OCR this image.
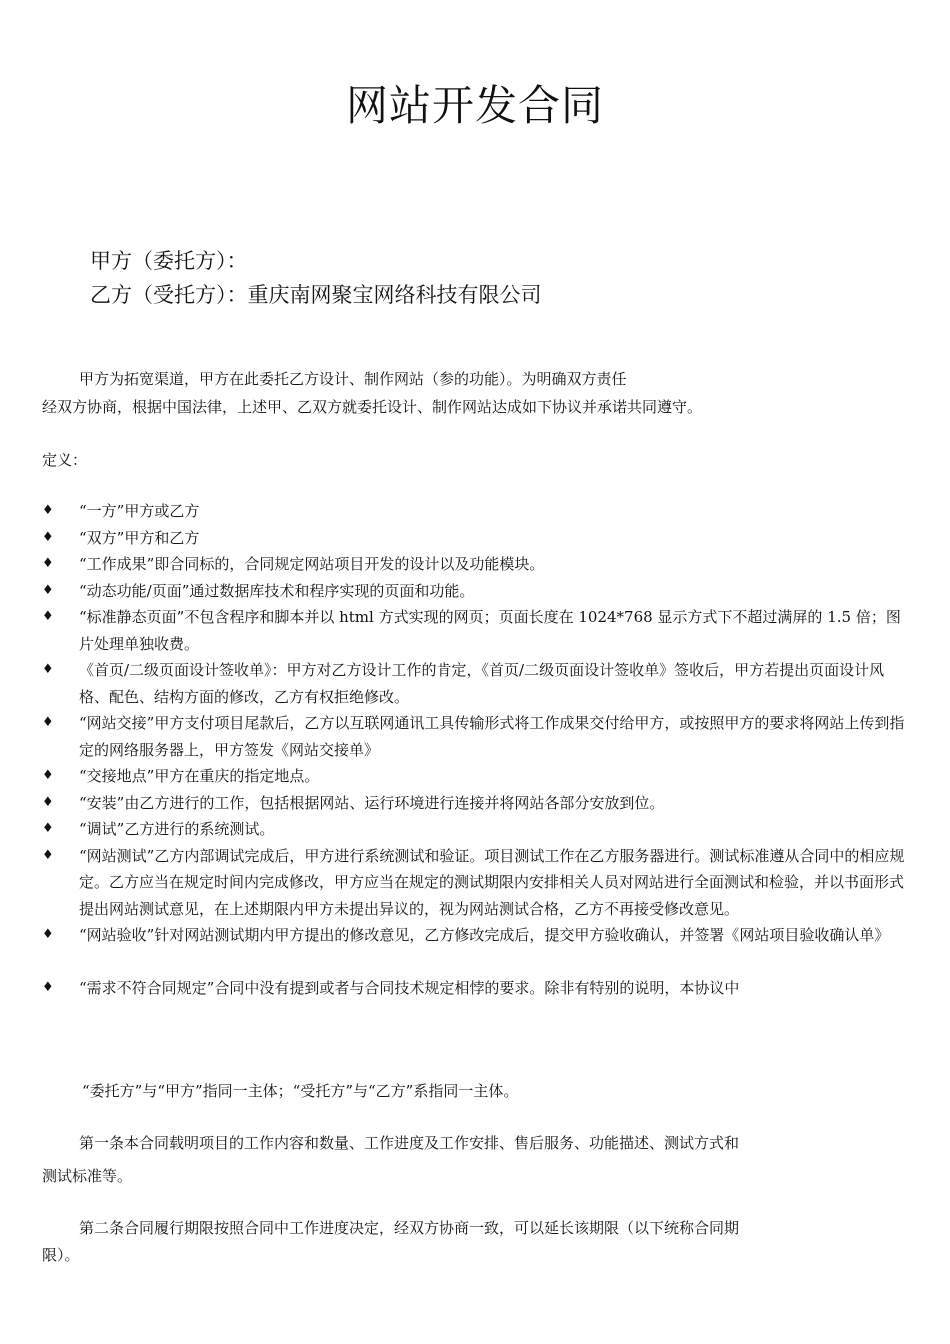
网站开发合同
甲方（委托方）：
乙方（受托方）：重庆南网聚宝网络科技有限公司
甲方为拓宽渠道，甲方在此委托乙方设计、制作网站（参的功能）。为明确双方责任
经双方协商，根据中国法律，上述甲、乙双方就委托设计、制作网站达成如下协议并承诺共同遵守。
定义：
♦ “一方”甲方或乙方
♦ “双方”甲方和乙方
♦ “工作成果”即合同标的，合同规定网站项目开发的设计以及功能模块。
♦ “动态功能/页面”通过数据库技术和程序实现的页面和功能。
♦ “标准静态页面”不包含程序和脚本并以 html 方式实现的网页；页面长度在 1024*768 显示方式下不超过满屏的 1.5 倍；图片处理单独收费。
♦ 《首页/二级页面设计签收单》：甲方对乙方设计工作的肯定，《首页/二级页面设计签收单》签收后，甲方若提出页面设计风格、配色、结构方面的修改，乙方有权拒绝修改。
♦ “网站交接”甲方支付项目尾款后，乙方以互联网通讯工具传输形式将工作成果交付给甲方，或按照甲方的要求将网站上传到指定的网络服务器上，甲方签发《网站交接单》
♦ “交接地点”甲方在重庆的指定地点。
♦ “安装”由乙方进行的工作，包括根据网站、运行环境进行连接并将网站各部分安放到位。
♦ “调试”乙方进行的系统测试。
♦ “网站测试”乙方内部调试完成后，甲方进行系统测试和验证。项目测试工作在乙方服务器进行。测试标准遵从合同中的相应规定。乙方应当在规定时间内完成修改，甲方应当在规定的测试期限内安排相关人员对网站进行全面测试和检验，并以书面形式提出网站测试意见，在上述期限内甲方未提出异议的，视为网站测试合格，乙方不再接受修改意见。
♦ “网站验收”针对网站测试期内甲方提出的修改意见，乙方修改完成后，提交甲方验收确认，并签署《网站项目验收确认单》
♦ “需求不符合同规定”合同中没有提到或者与合同技术规定相悖的要求。除非有特别的说明，本协议中
“委托方”与“甲方”指同一主体；“受托方”与“乙方”系指同一主体。
第一条本合同载明项目的工作内容和数量、工作进度及工作安排、售后服务、功能描述、测试方式和
测试标准等。
第二条合同履行期限按照合同中工作进度决定，经双方协商一致，可以延长该期限（以下统称合同期
限）。
